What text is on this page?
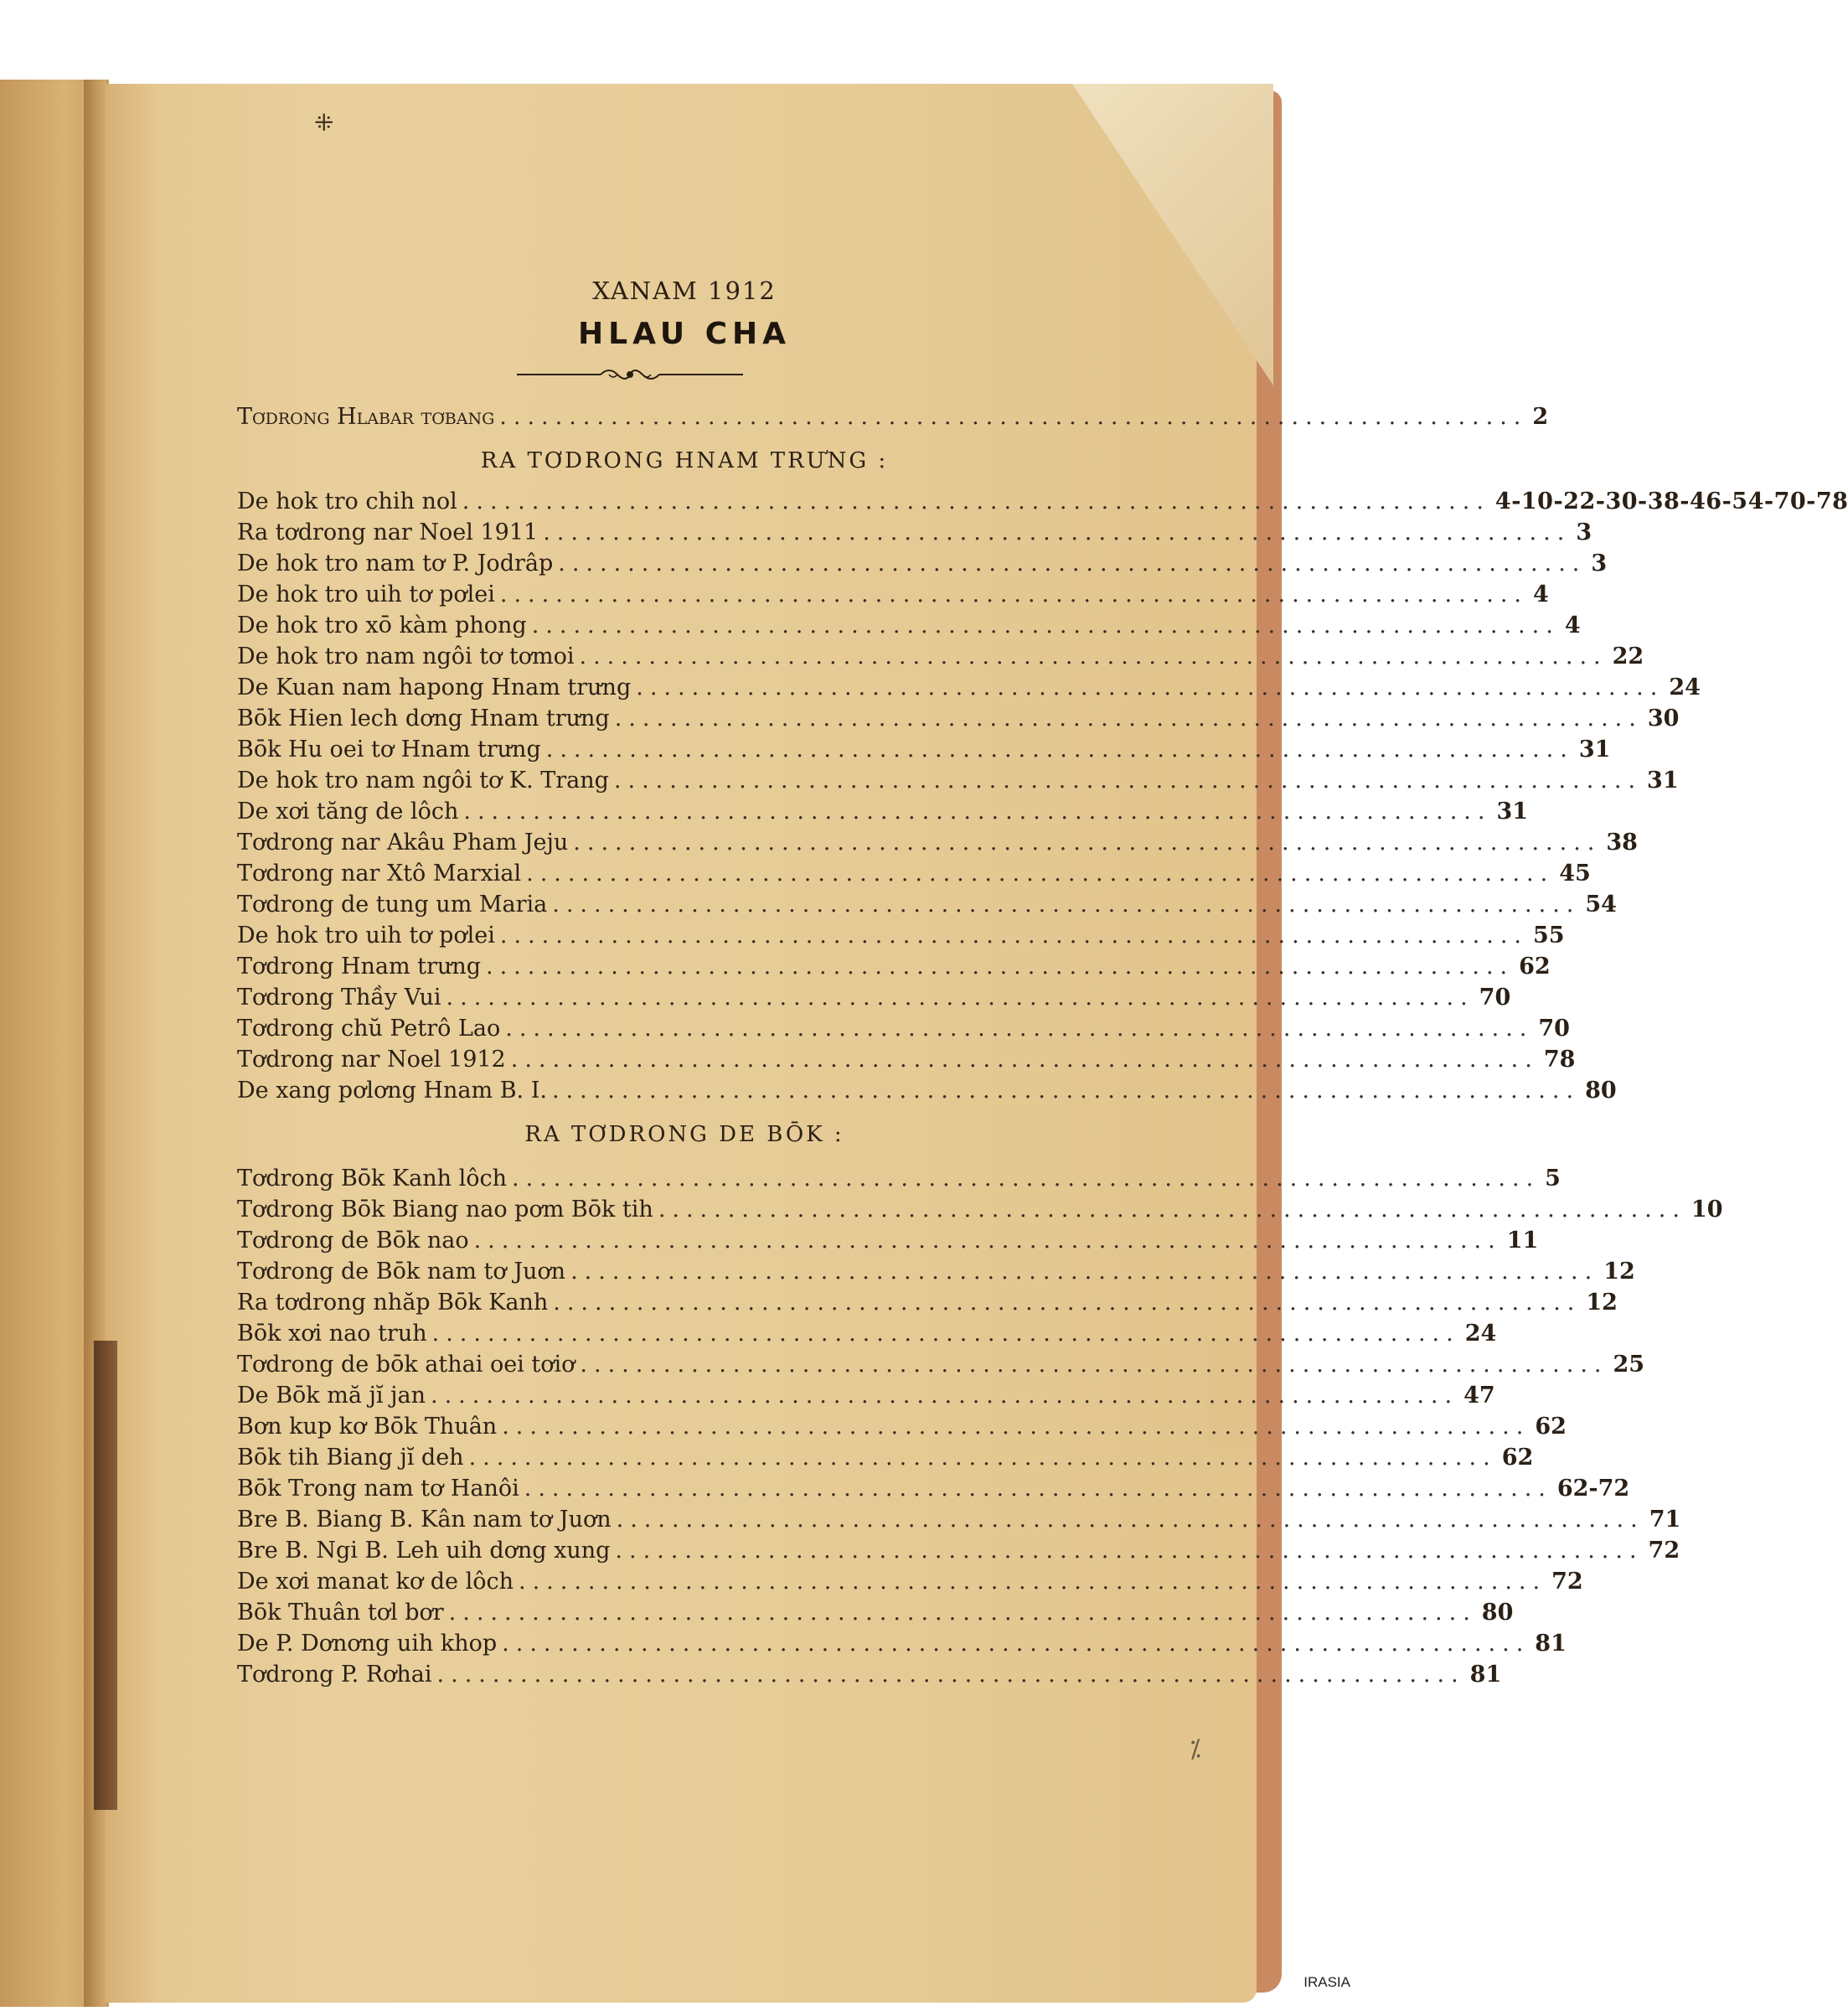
⁜
⁒
XANAM 1912
HLAU CHA
Tơdrong Hlabar tơbang .......................................................................... 2
RA TƠDRONG HNAM TRƯNG :
De hok tro chih nol .......................................................................... 4-10-22-30-38-46-54-70-78
Ra tơdrong nar Noel 1911 .......................................................................... 3
De hok tro nam tơ P. Jodrâp .......................................................................... 3
De hok tro uih tơ pơlei .......................................................................... 4
De hok tro xō kàm phong .......................................................................... 4
De hok tro nam ngôi tơ tơmoi .......................................................................... 22
De Kuan nam hapong Hnam trưng .......................................................................... 24
Bōk Hien lech dơng Hnam trưng .......................................................................... 30
Bōk Hu oei tơ Hnam trưng .......................................................................... 31
De hok tro nam ngôi tơ K. Trang .......................................................................... 31
De xơi tăng de lôch .......................................................................... 31
Tơdrong nar Akâu Pham Jeju .......................................................................... 38
Tơdrong nar Xtô Marxial .......................................................................... 45
Tơdrong de tung um Maria .......................................................................... 54
De hok tro uih tơ pơlei .......................................................................... 55
Tơdrong Hnam trưng .......................................................................... 62
Tơdrong Thầy Vui .......................................................................... 70
Tơdrong chŭ Petrô Lao .......................................................................... 70
Tơdrong nar Noel 1912 .......................................................................... 78
De xang pơlơng Hnam B. I. .......................................................................... 80
RA TƠDRONG DE BŌK :
Tơdrong Bōk Kanh lôch .......................................................................... 5
Tơdrong Bōk Biang nao pơm Bōk tih .......................................................................... 10
Tơdrong de Bōk nao .......................................................................... 11
Tơdrong de Bōk nam tơ Juơn .......................................................................... 12
Ra tơdrong nhăp Bōk Kanh .......................................................................... 12
Bōk xơi nao truh .......................................................................... 24
Tơdrong de bōk athai oei tơiơ .......................................................................... 25
De Bōk mă jĭ jan .......................................................................... 47
Bơn kup kơ Bōk Thuân .......................................................................... 62
Bōk tih Biang jĭ deh .......................................................................... 62
Bōk Trong nam tơ Hanôi .......................................................................... 62-72
Bre B. Biang B. Kân nam tơ Juơn .......................................................................... 71
Bre B. Ngi B. Leh uih dơng xung .......................................................................... 72
De xơi manat kơ de lôch .......................................................................... 72
Bōk Thuân tơl bơr .......................................................................... 80
De P. Dơnơng uih khop .......................................................................... 81
Tơdrong P. Rơhai .......................................................................... 81
IRASIA
